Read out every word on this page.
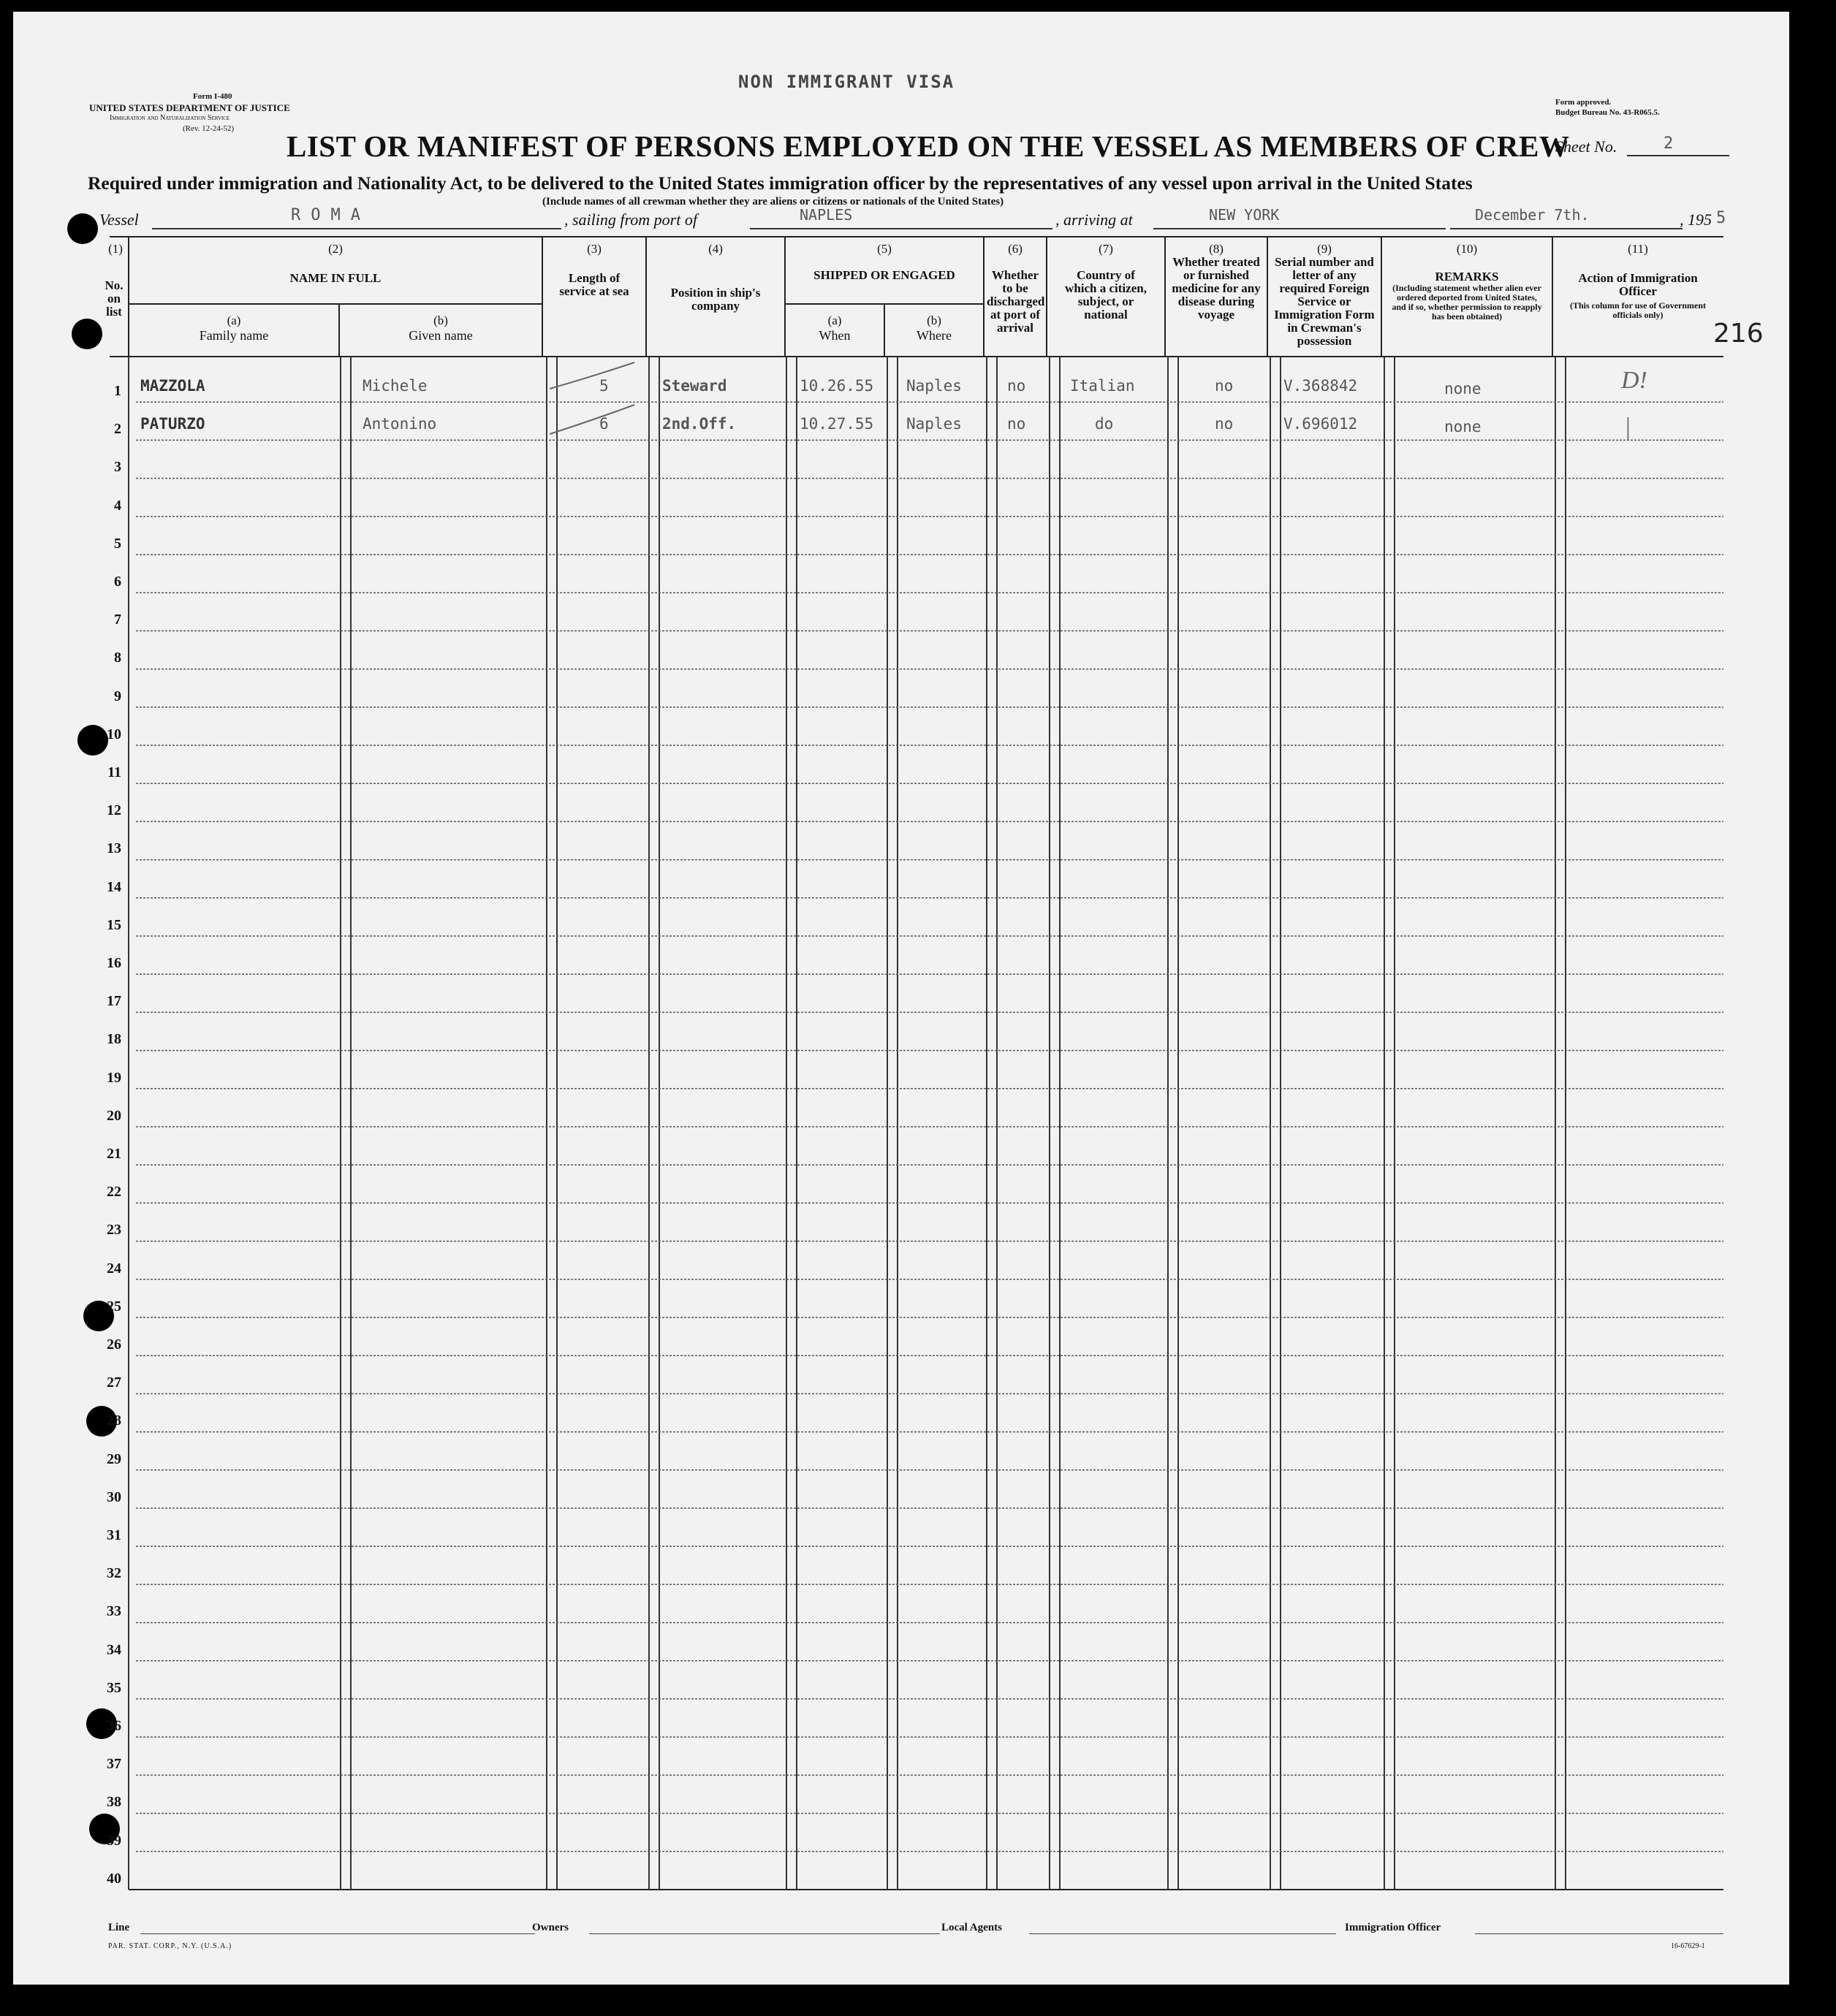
NON IMMIGRANT VISA
Form I-480
UNITED STATES DEPARTMENT OF JUSTICE
Immigration and Naturalization Service
(Rev. 12-24-52)
Form approved.
Budget Bureau No. 43-R065.5.
LIST OR MANIFEST OF PERSONS EMPLOYED ON THE VESSEL AS MEMBERS OF CREW
Sheet No.	2
Required under immigration and Nationality Act, to be delivered to the United States immigration officer by the representatives of any vessel upon arrival in the United States
(Include names of all crewman whether they are aliens or citizens or nationals of the United States)
Vessel	ROMA	, sailing from port of	NAPLES	, arriving at	NEW YORK	December 7th.	, 195 5
216
(1)
No. on list
(2)
NAME IN FULL
(a)
Family name
(b)
Given name
(3)
Length of service at sea
(4)
Position in ship's company
(5)
SHIPPED OR ENGAGED
(a)
When
(b)
Where
(6)
Whether to be discharged at port of arrival
(7)
Country of which a citizen, subject, or national
(8)
Whether treated or furnished medicine for any disease during voyage
(9)
Serial number and letter of any required Foreign Service or Immigration Form in Crewman's possession
(10)
REMARKS
(Including statement whether alien ever ordered deported from United States, and if so, whether permission to reapply has been obtained)
(11)
Action of Immigration Officer
(This column for use of Government officials only)
1
2
3
4
5
6
7
8
9
10
11
12
13
14
15
16
17
18
19
20
21
22
23
24
25
26
27
28
29
30
31
32
33
34
35
36
37
38
39
40
MAZZOLA	Michele	5	Steward	10.26.55 Naples	no	Italian	no	V.368842	none	D!
PATURZO	Antonino	6	2nd.Off.	10.27.55 Naples	no	do	no	V.696012	none	|
Line	Owners	Local Agents	Immigration Officer
PAR. STAT. CORP., N.Y. (U.S.A.)	16-67629-1
